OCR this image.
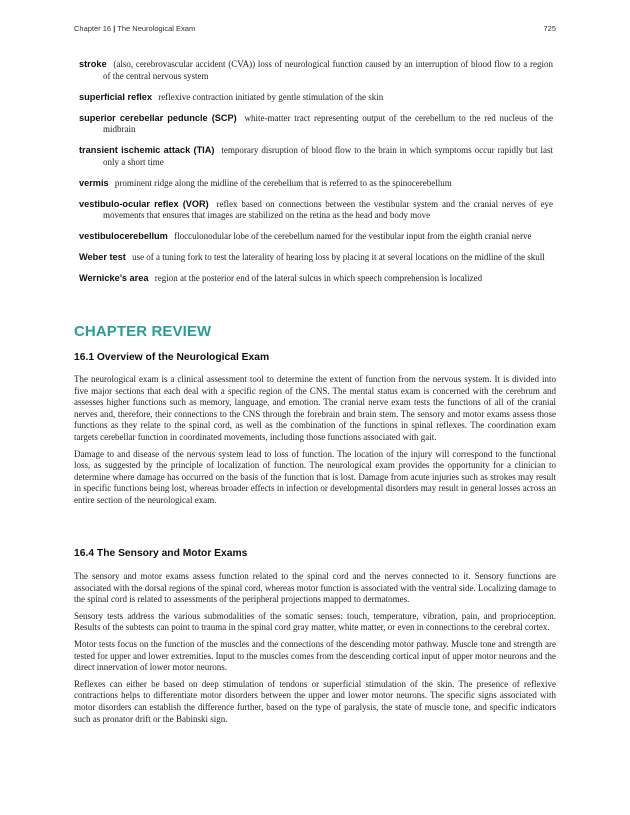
Chapter 16 | The Neurological Exam	725

stroke (also, cerebrovascular accident (CVA)) loss of neurological function caused by an interruption of blood flow to a region of the central nervous system

superficial reflex reflexive contraction initiated by gentle stimulation of the skin

superior cerebellar peduncle (SCP) white-matter tract representing output of the cerebellum to the red nucleus of the midbrain

transient ischemic attack (TIA) temporary disruption of blood flow to the brain in which symptoms occur rapidly but last only a short time

vermis prominent ridge along the midline of the cerebellum that is referred to as the spinocerebellum

vestibulo-ocular reflex (VOR) reflex based on connections between the vestibular system and the cranial nerves of eye movements that ensures that images are stabilized on the retina as the head and body move

vestibulocerebellum flocculonodular lobe of the cerebellum named for the vestibular input from the eighth cranial nerve

Weber test use of a tuning fork to test the laterality of hearing loss by placing it at several locations on the midline of the skull

Wernicke’s area region at the posterior end of the lateral sulcus in which speech comprehension is localized

CHAPTER REVIEW
16.1 Overview of the Neurological Exam

The neurological exam is a clinical assessment tool to determine the extent of function from the nervous system. It is divided into five major sections that each deal with a specific region of the CNS. The mental status exam is concerned with the cerebrum and assesses higher functions such as memory, language, and emotion. The cranial nerve exam tests the functions of all of the cranial nerves and, therefore, their connections to the CNS through the forebrain and brain stem. The sensory and motor exams assess those functions as they relate to the spinal cord, as well as the combination of the functions in spinal reflexes. The coordination exam targets cerebellar function in coordinated movements, including those functions associated with gait.

Damage to and disease of the nervous system lead to loss of function. The location of the injury will correspond to the functional loss, as suggested by the principle of localization of function. The neurological exam provides the opportunity for a clinician to determine where damage has occurred on the basis of the function that is lost. Damage from acute injuries such as strokes may result in specific functions being lost, whereas broader effects in infection or developmental disorders may result in general losses across an entire section of the neurological exam.

16.4 The Sensory and Motor Exams

The sensory and motor exams assess function related to the spinal cord and the nerves connected to it. Sensory functions are associated with the dorsal regions of the spinal cord, whereas motor function is associated with the ventral side. Localizing damage to the spinal cord is related to assessments of the peripheral projections mapped to dermatomes.

Sensory tests address the various submodalities of the somatic senses: touch, temperature, vibration, pain, and proprioception. Results of the subtests can point to trauma in the spinal cord gray matter, white matter, or even in connections to the cerebral cortex.

Motor tests focus on the function of the muscles and the connections of the descending motor pathway. Muscle tone and strength are tested for upper and lower extremities. Input to the muscles comes from the descending cortical input of upper motor neurons and the direct innervation of lower motor neurons.

Reflexes can either be based on deep stimulation of tendons or superficial stimulation of the skin. The presence of reflexive contractions helps to differentiate motor disorders between the upper and lower motor neurons. The specific signs associated with motor disorders can establish the difference further, based on the type of paralysis, the state of muscle tone, and specific indicators such as pronator drift or the Babinski sign.
